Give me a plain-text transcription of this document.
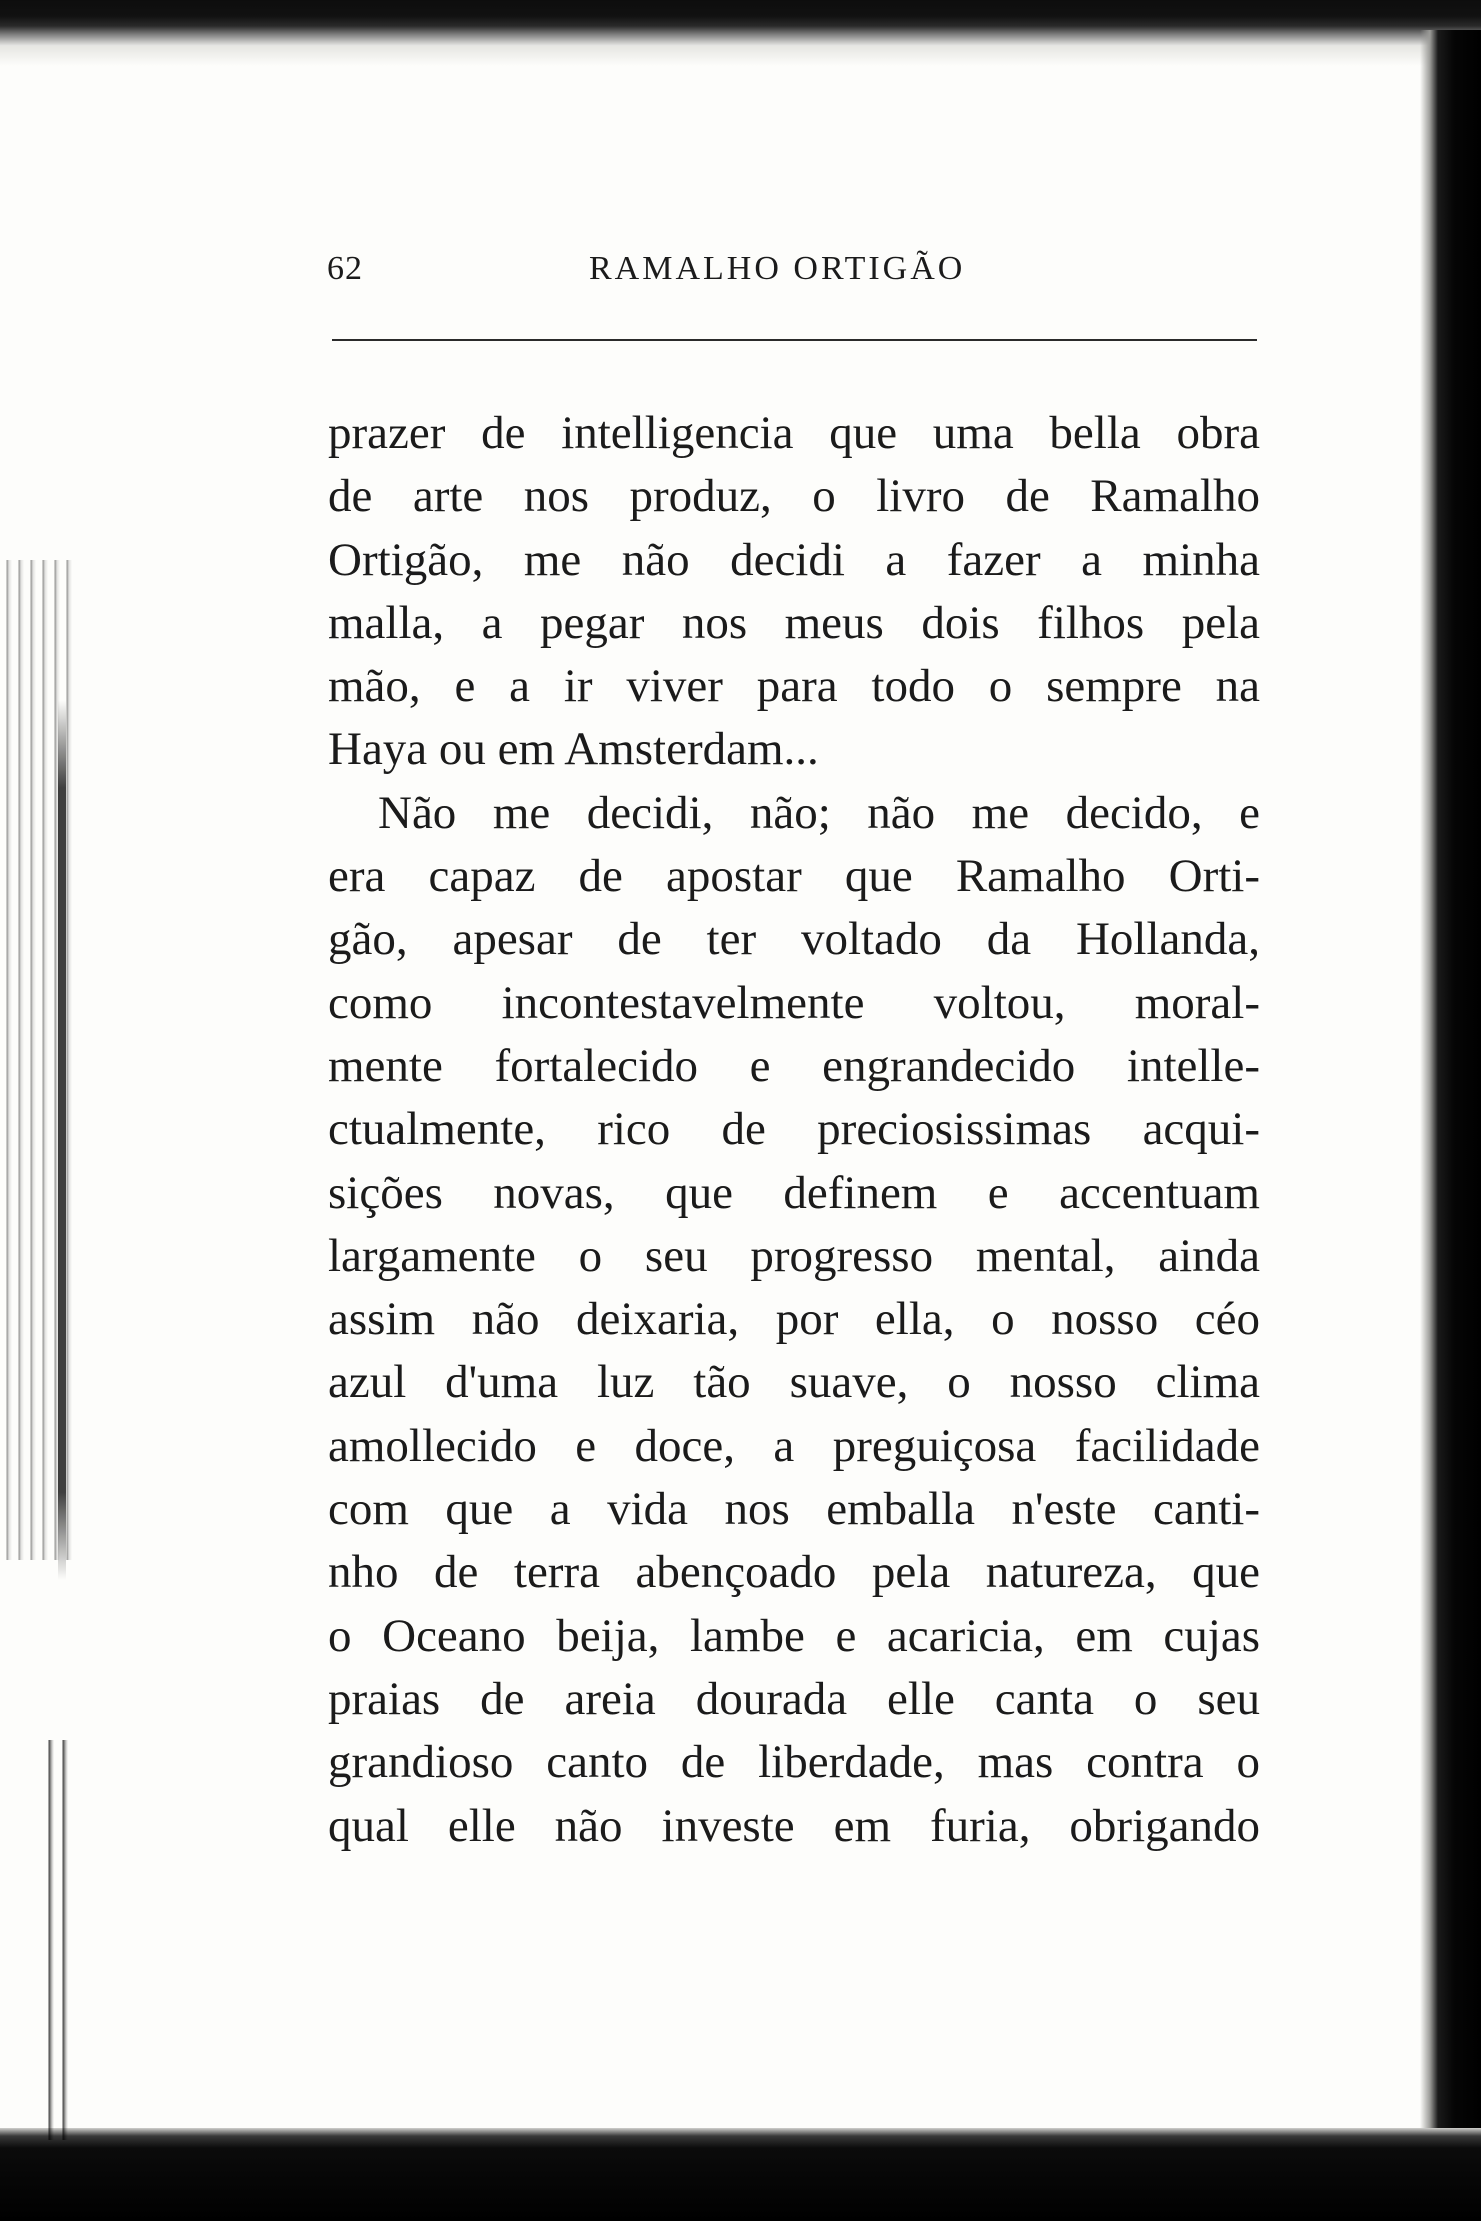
62	RAMALHO ORTIGÃO
prazer de intelligencia que uma bella obra
de arte nos produz, o livro de Ramalho
Ortigão, me não decidi a fazer a minha
malla, a pegar nos meus dois filhos pela
mão, e a ir viver para todo o sempre na
Haya ou em Amsterdam...
Não me decidi, não; não me decido, e
era capaz de apostar que Ramalho Orti-
gão, apesar de ter voltado da Hollanda,
como incontestavelmente voltou, moral-
mente fortalecido e engrandecido intelle-
ctualmente, rico de preciosissimas acqui-
sições novas, que definem e accentuam
largamente o seu progresso mental, ainda
assim não deixaria, por ella, o nosso céo
azul d'uma luz tão suave, o nosso clima
amollecido e doce, a preguiçosa facilidade
com que a vida nos emballa n'este canti-
nho de terra abençoado pela natureza, que
o Oceano beija, lambe e acaricia, em cujas
praias de areia dourada elle canta o seu
grandioso canto de liberdade, mas contra o
qual elle não investe em furia, obrigando
